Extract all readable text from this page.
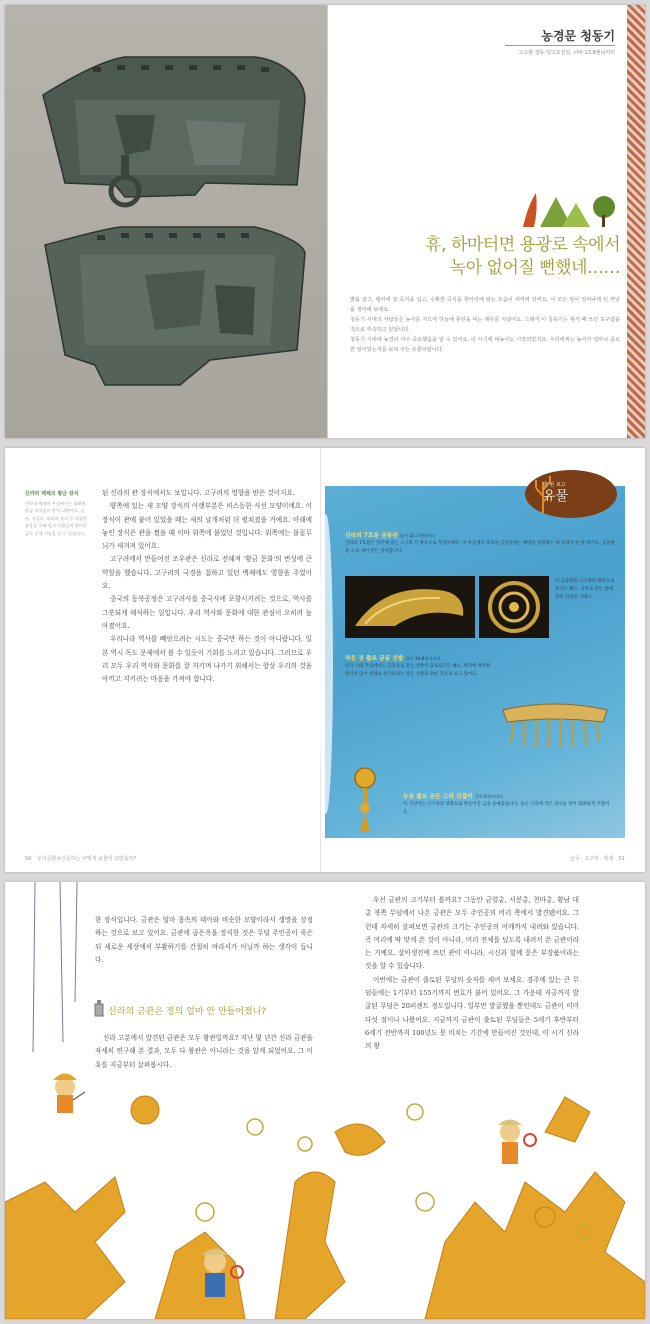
농경문 청동기
고고관 청동기/고조선실, 너비 13.8센티미터
휴, 하마터면 용광로 속에서
녹아 없어질 뻔했네……

밭을 갈고, 괭이에 잘 곡식을 심고, 수확한 곡식을 항아리에 담는 모습이 새겨져 있어요. 이 모든 일이 일어나게 된 까닭을 생각해 보세요.

청동기 시대의 사람들은 농사를 지으며 하늘에 풍년을 비는 제사를 지냈어요. 그래서 이 청동기는 제사 때 쓰인 도구였을 것으로 추측하고 있답니다.

청동기 시대에 농경이 아주 중요했음을 알 수 있어요. 이 시기에 벼농사도 시작되었지요. 우리에게는 농사가 얼마나 중요한 일이었는지를 보여 주는 유물이랍니다.

신라와 백제의 황금 장식
신라와 백제의 무덤에서는 화려한 황금 장식품이 많이 나왔어요. 금관, 귀걸이, 허리띠 장식 등 다양한 유물을 통해 당시 사람들의 뛰어난 금속 공예 기술을 알 수 있답니다.

된 신라의 관 장식에서도 보입니다. 고구려의 영향을 받은 것이지요.

양쪽에 있는 새 모양 장식의 아랫부분은 비스듬한 사선 모양이에요. 이 장식이 관에 붙어 있었을 때는 새의 날개처럼 더 펼쳐졌을 거예요. 아래에 놓인 장식은 관을 썼을 때 이마 위쪽에 붙었던 것입니다. 위쪽에는 불꽃무늬가 새겨져 있어요.

고구려에서 만들어진 조우관은 신라로 전해져 '황금 문화'의 번성에 큰 역할을 했습니다. 고구려의 국경을 접하고 있던 백제에도 영향을 주었어요.

중국의 동북공정은 고구려사를 중국사에 포함시키려는 것으로, 역사를 그릇되게 해석하는 일입니다. 우리 역사와 문화에 대한 관심이 오히려 높아졌어요.

우리나라 역사를 빼앗으려는 시도는 중국만 하는 것이 아니랍니다. 일본 역시 독도 문제에서 볼 수 있듯이 기회를 노리고 있습니다. 그러므로 우리 모두 우리 역사와 문화를 잘 지키며 나가기 위해서는 항상 우리의 것을 아끼고 지키려는 마음을 가져야 합니다.

한 번 보고
유물
신라의 7호분 금동관 높이 22.1센티미터
신라의 7호분은 경주에 있는 고구려 식 왕릉으로 무덤이에요. 이 무덤에서 출토된 금동관에는 태양을 상징하는 새 날개가 한 쌍 있어요. 금동판을 오려 내어 만든 것이랍니다.
이 금동판을 고구려의 왕관으로 보기도 해요. 나무로 만든 틀에 달려 있었을 거예요.
작은 귀 출토 금동 신발 길이 34.8센티미터
삼국 시대 무덤에서는 금동으로 만든 신발이 출토되기도 해요. 바닥에 뾰족한 장식이 있어 실제로 신기보다는 죽은 사람을 위한 것으로 보고 있어요.
능동 출토 금은 고리 귀걸이 길이 6센티미터
이 귀걸이는 고구려의 영향으로 만들어진 금속 공예품입니다. 둥근 고리에 작은 장식을 달아 화려하게 꾸몄어요.
50 우리문화유산을하는 어떻게 보물이 되었을까?	삼국 · 고구려 · 백제 51

한 장식입니다. 금관은 엄마 몸속의 태아와 비슷한 모양이라서 생명을 상징하는 것으로 보고 있어요. 금관에 곱은옥을 장식한 것은 무덤 주인공이 죽은 뒤 새로운 세상에서 부활하기를 간절히 바라서가 아닐까 하는 생각이 듭니다.

신라의 금관은 정의 얼마 안 만들어졌나?

신라 고분에서 발견된 금관은 모두 왕관일까요? 지난 몇 년간 신라 금관을 자세히 연구해 본 결과, 모두 다 왕관은 아니라는 것을 알게 되었어요. 그 이유를 지금부터 살펴봅시다.

우선 금관의 크기부터 볼까요? 그동안 금령총, 서봉총, 천마총, 황남 대총 북쪽 무덤에서 나온 금관은 모두 주인공의 머리 쪽에서 발견됐어요. 그런데 자세히 살펴보면 금관의 크기는 주인공의 어깨까지 내려와 있습니다. 즉 머리에 딱 맞게 쓴 것이 아니라, 머리 전체를 덮도록 내려서 쓴 금관이라는 거예요. 살아생전에 쓰던 관이 아니라, 시신과 함께 묻은 부장품이라는 것을 알 수 있습니다.

이번에는 금관이 출토된 무덤의 숫자를 세어 보세요. 경주에 있는 큰 무덤들에는 1기부터 155기까지 번호가 붙어 있어요. 그 가운데 지금까지 발굴된 무덤은 20퍼센트 정도입니다. 일부만 발굴했을 뿐인데도 금관이 이미 다섯 점이나 나왔어요. 지금까지 금관이 출토된 무덤들은 5세기 후반부터 6세기 전반까지 100년도 못 미치는 기간에 만들어진 것인데, 이 시기 신라의 왕
